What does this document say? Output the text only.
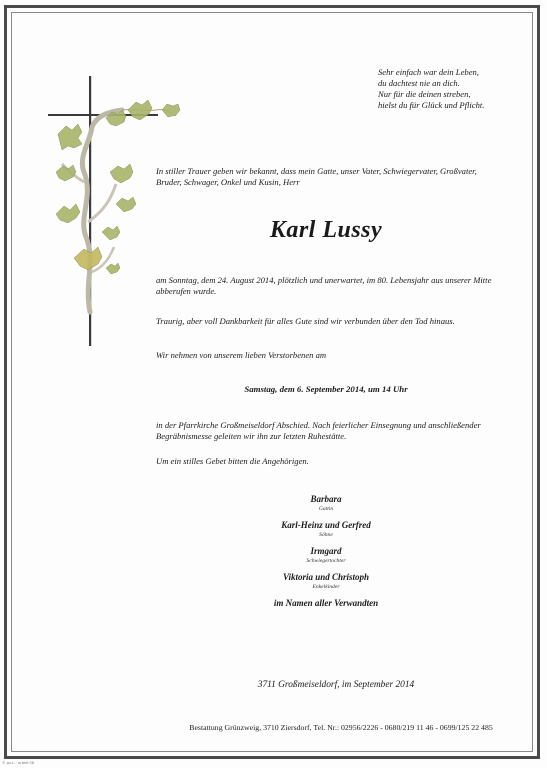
Sehr einfach war dein Leben,
du dachtest nie an dich.
Nur für die deinen streben,
hielst du für Glück und Pflicht.
In stiller Trauer geben wir bekannt, dass mein Gatte, unser Vater, Schwiegervater, Großvater, Bruder, Schwager, Onkel und Kusin, Herr
Karl Lussy
am Sonntag, dem 24. August 2014, plötzlich und unerwartet, im 80. Lebensjahr aus unserer Mitte abberufen wurde.
Traurig, aber voll Dankbarkeit für alles Gute sind wir verbunden über den Tod hinaus.
Wir nehmen von unserem lieben Verstorbenen am
Samstag, dem 6. September 2014, um 14 Uhr
in der Pfarrkirche Großmeiseldorf Abschied. Nach feierlicher Einsegnung und anschließender Begräbnismesse geleiten wir ihn zur letzten Ruhestätte.
Um ein stilles Gebet bitten die Angehörigen.
Barbara
Gattin
Karl-Heinz und Gerfred
Söhne
Irmgard
Schwiegertochter
Viktoria und Christoph
Enkelkinder
im Namen aller Verwandten
3711 Großmeiseldorf, im September 2014
Bestattung Grünzweig, 3710 Ziersdorf, Tel. Nr.: 02956/2226 - 0680/219 11 46 - 0699/125 22 485
© gv.L. · orbeit 08
